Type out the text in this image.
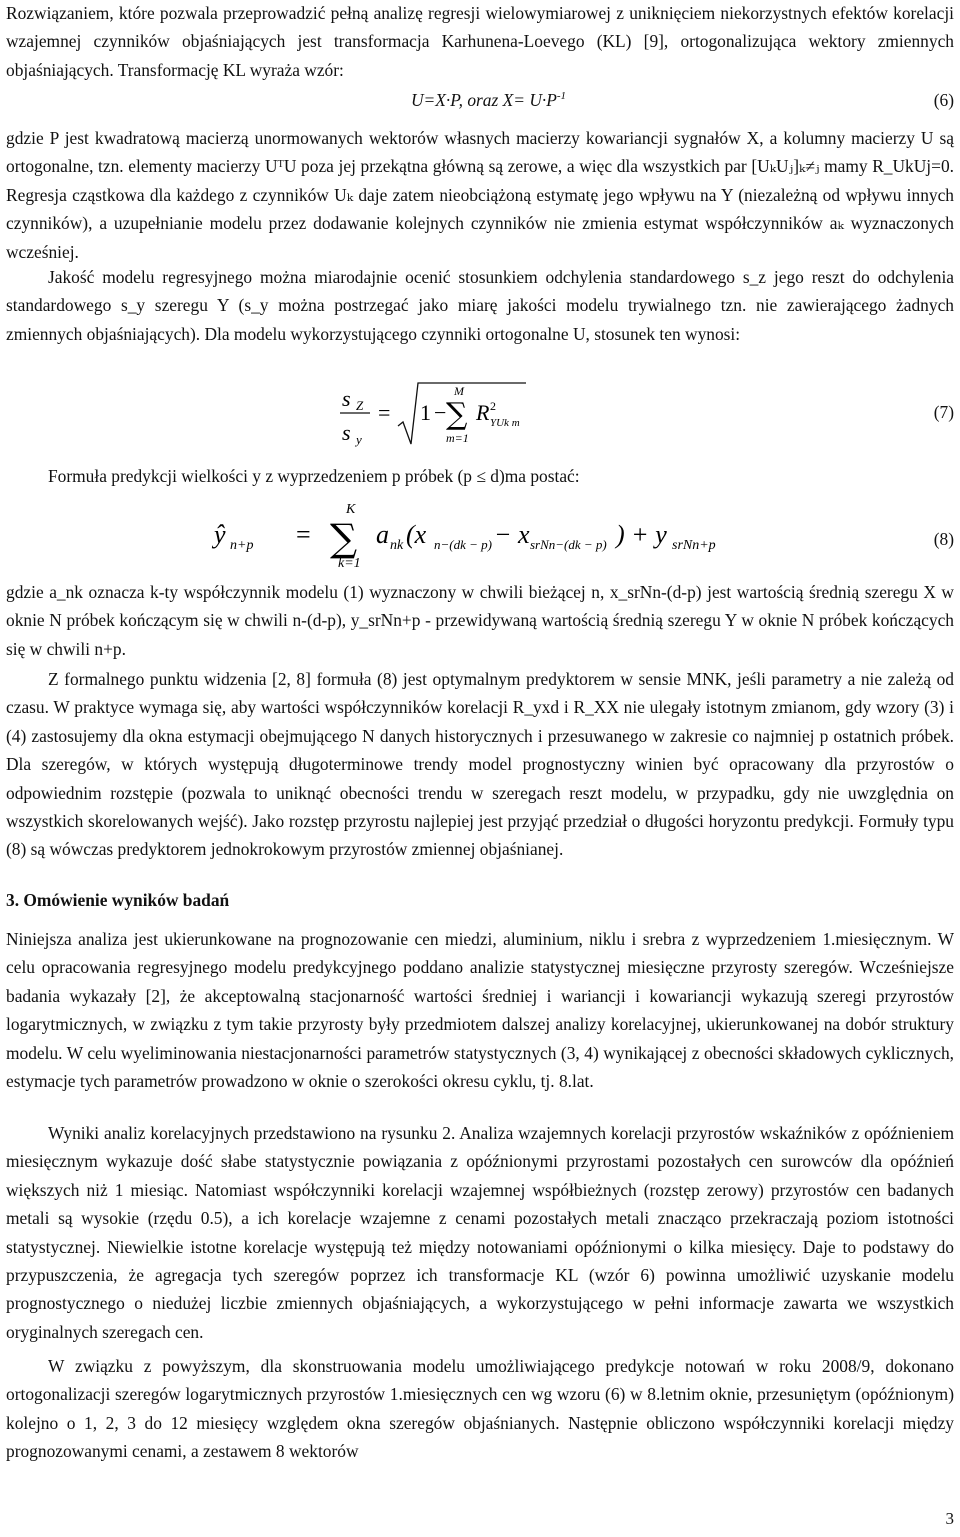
Rozwiązaniem, które pozwala przeprowadzić pełną analizę regresji wielowymiarowej z uniknięciem niekorzystnych efektów korelacji wzajemnej czynników objaśniających jest transformacja Karhunena-Loevego (KL) [9], ortogonalizująca wektory zmiennych objaśniających. Transformację KL wyraża wzór:

U=X·P, oraz $X= U\cdot P^{-1}$	(6)

gdzie P jest kwadratową macierzą unormowanych wektorów własnych macierzy kowariancji sygnałów X, a kolumny macierzy U są ortogonalne, tzn. elementy macierzy UᵀU poza jej przekątna główną są zerowe, a więc dla wszystkich par [UₖUⱼ]ₖ≠ⱼ mamy R_UkUj=0. Regresja cząstkowa dla każdego z czynników Uₖ daje zatem nieobciążoną estymatę jego wpływu na Y (niezależną od wpływu innych czynników), a uzupełnianie modelu przez dodawanie kolejnych czynników nie zmienia estymat współczynników aₖ wyznaczonych wcześniej.

Jakość modelu regresyjnego można miarodajnie ocenić stosunkiem odchylenia standardowego s_z jego reszt do odchylenia standardowego s_y szeregu Y (s_y można postrzegać jako miarę jakości modelu trywialnego tzn. nie zawierającego żadnych zmiennych objaśniających). Dla modelu wykorzystującego czynniki ortogonalne U, stosunek ten wynosi:

s Z
s y
= 1 −
M
∑
m=1
R 2
YUk m
(7)

Formuła predykcji wielkości y z wyprzedzeniem p próbek (p ≤ d)ma postać:

ŷ n+p =
K
∑
k=1
a nk (x n−(dk − p) − x srNn−(dk − p) ) + y srNn+p	(8)

gdzie a_nk oznacza k-ty współczynnik modelu (1) wyznaczony w chwili bieżącej n, x_srNn-(d-p) jest wartością średnią szeregu X w oknie N próbek kończącym się w chwili n-(d-p), y_srNn+p - przewidywaną wartością średnią szeregu Y w oknie N próbek kończących się w chwili n+p.

Z formalnego punktu widzenia [2, 8] formuła (8) jest optymalnym predyktorem w sensie MNK, jeśli parametry a nie zależą od czasu. W praktyce wymaga się, aby wartości współczynników korelacji R_yxd i R_XX nie ulegały istotnym zmianom, gdy wzory (3) i (4) zastosujemy dla okna estymacji obejmującego N danych historycznych i przesuwanego w zakresie co najmniej p ostatnich próbek. Dla szeregów, w których występują długoterminowe trendy model prognostyczny winien być opracowany dla przyrostów o odpowiednim rozstępie (pozwala to uniknąć obecności trendu w szeregach reszt modelu, w przypadku, gdy nie uwzględnia on wszystkich skorelowanych wejść). Jako rozstęp przyrostu najlepiej jest przyjąć przedział o długości horyzontu predykcji. Formuły typu (8) są wówczas predyktorem jednokrokowym przyrostów zmiennej objaśnianej.

3. Omówienie wyników badań

Niniejsza analiza jest ukierunkowane na prognozowanie cen miedzi, aluminium, niklu i srebra z wyprzedzeniem 1.miesięcznym. W celu opracowania regresyjnego modelu predykcyjnego poddano analizie statystycznej miesięczne przyrosty szeregów. Wcześniejsze badania wykazały [2], że akceptowalną stacjonarność wartości średniej i wariancji i kowariancji wykazują szeregi przyrostów logarytmicznych, w związku z tym takie przyrosty były przedmiotem dalszej analizy korelacyjnej, ukierunkowanej na dobór struktury modelu. W celu wyeliminowania niestacjonarności parametrów statystycznych (3, 4) wynikającej z obecności składowych cyklicznych, estymacje tych parametrów prowadzono w oknie o szerokości okresu cyklu, tj. 8.lat.

Wyniki analiz korelacyjnych przedstawiono na rysunku 2. Analiza wzajemnych korelacji przyrostów wskaźników z opóźnieniem miesięcznym wykazuje dość słabe statystycznie powiązania z opóźnionymi przyrostami pozostałych cen surowców dla opóźnień większych niż 1 miesiąc. Natomiast współczynniki korelacji wzajemnej współbieżnych (rozstęp zerowy) przyrostów cen badanych metali są wysokie (rzędu 0.5), a ich korelacje wzajemne z cenami pozostałych metali znacząco przekraczają poziom istotności statystycznej. Niewielkie istotne korelacje występują też między notowaniami opóźnionymi o kilka miesięcy. Daje to podstawy do przypuszczenia, że agregacja tych szeregów poprzez ich transformacje KL (wzór 6) powinna umożliwić uzyskanie modelu prognostycznego o niedużej liczbie zmiennych objaśniających, a wykorzystującego w pełni informacje zawarta we wszystkich oryginalnych szeregach cen.

W związku z powyższym, dla skonstruowania modelu umożliwiającego predykcje notowań w roku 2008/9, dokonano ortogonalizacji szeregów logarytmicznych przyrostów 1.miesięcznych cen wg wzoru (6) w 8.letnim oknie, przesuniętym (opóźnionym) kolejno o 1, 2, 3 do 12 miesięcy względem okna szeregów objaśnianych. Następnie obliczono współczynniki korelacji między prognozowanymi cenami, a zestawem 8 wektorów

3
